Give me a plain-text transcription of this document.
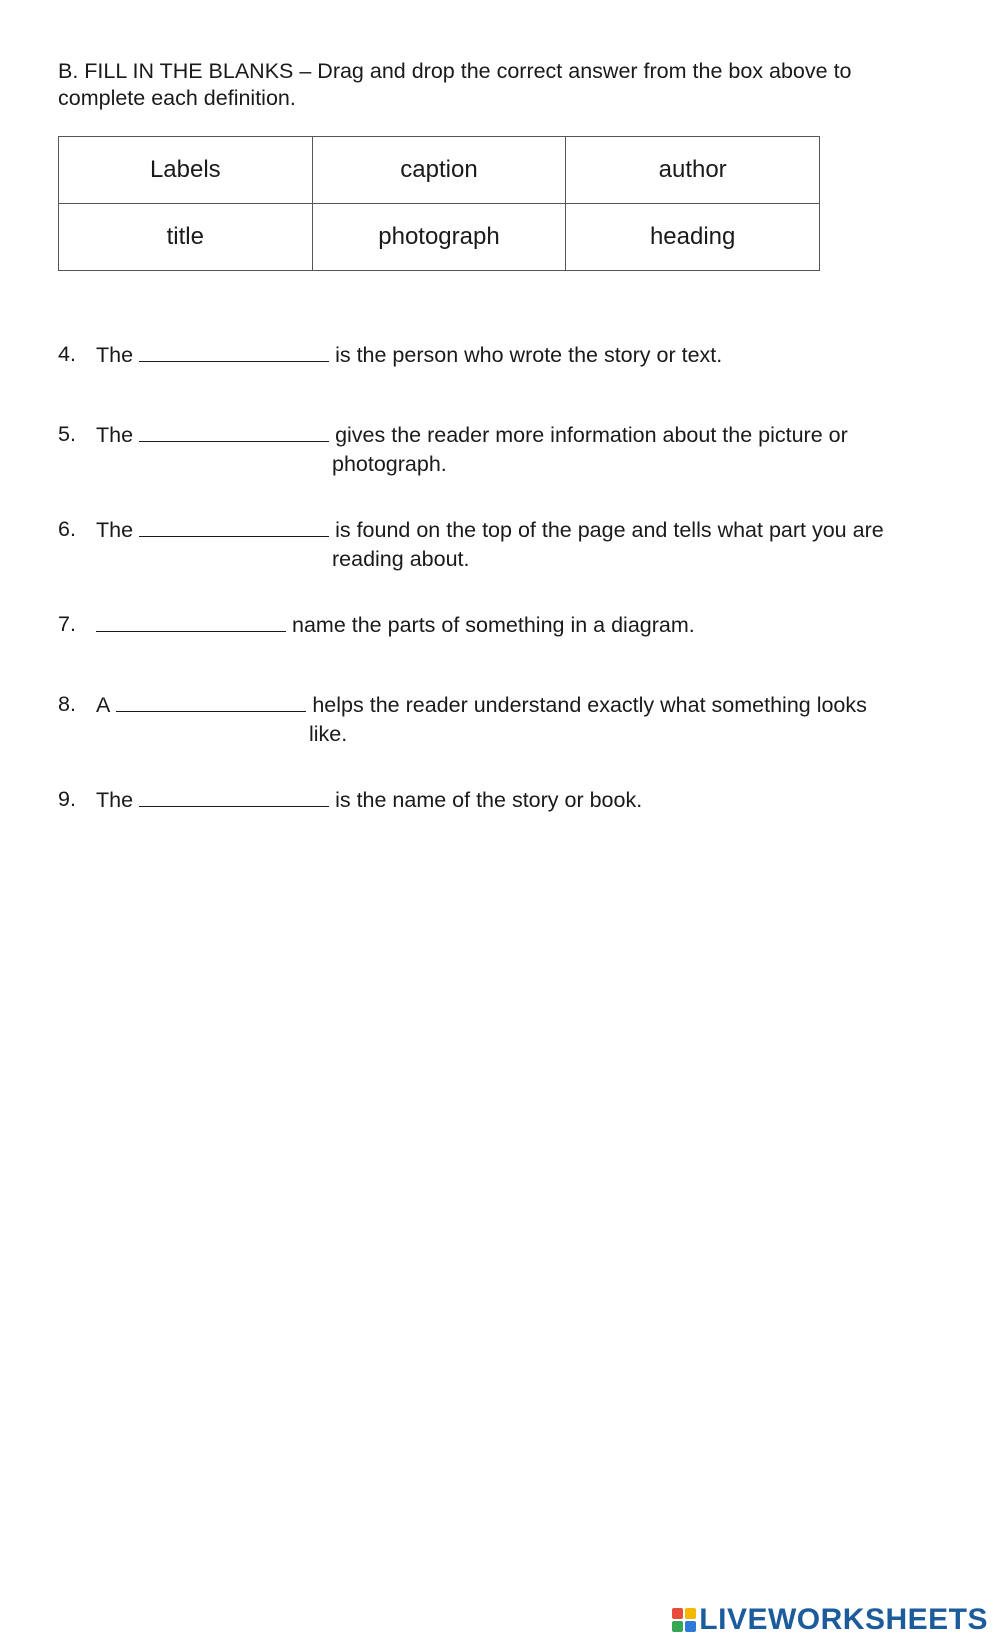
B. FILL IN THE BLANKS – Drag and drop the correct answer from the box above to complete each definition.

Labels	caption	author
title	photograph	heading
4. The	is the person who wrote the story or text.
5. The	gives the reader more information about the picture or
photograph.
6. The	is found on the top of the page and tells what part you are
reading about.
7.	name the parts of something in a diagram.
8. A	helps the reader understand exactly what something looks
like.
9. The	is the name of the story or book.
LIVEWORKSHEETS
